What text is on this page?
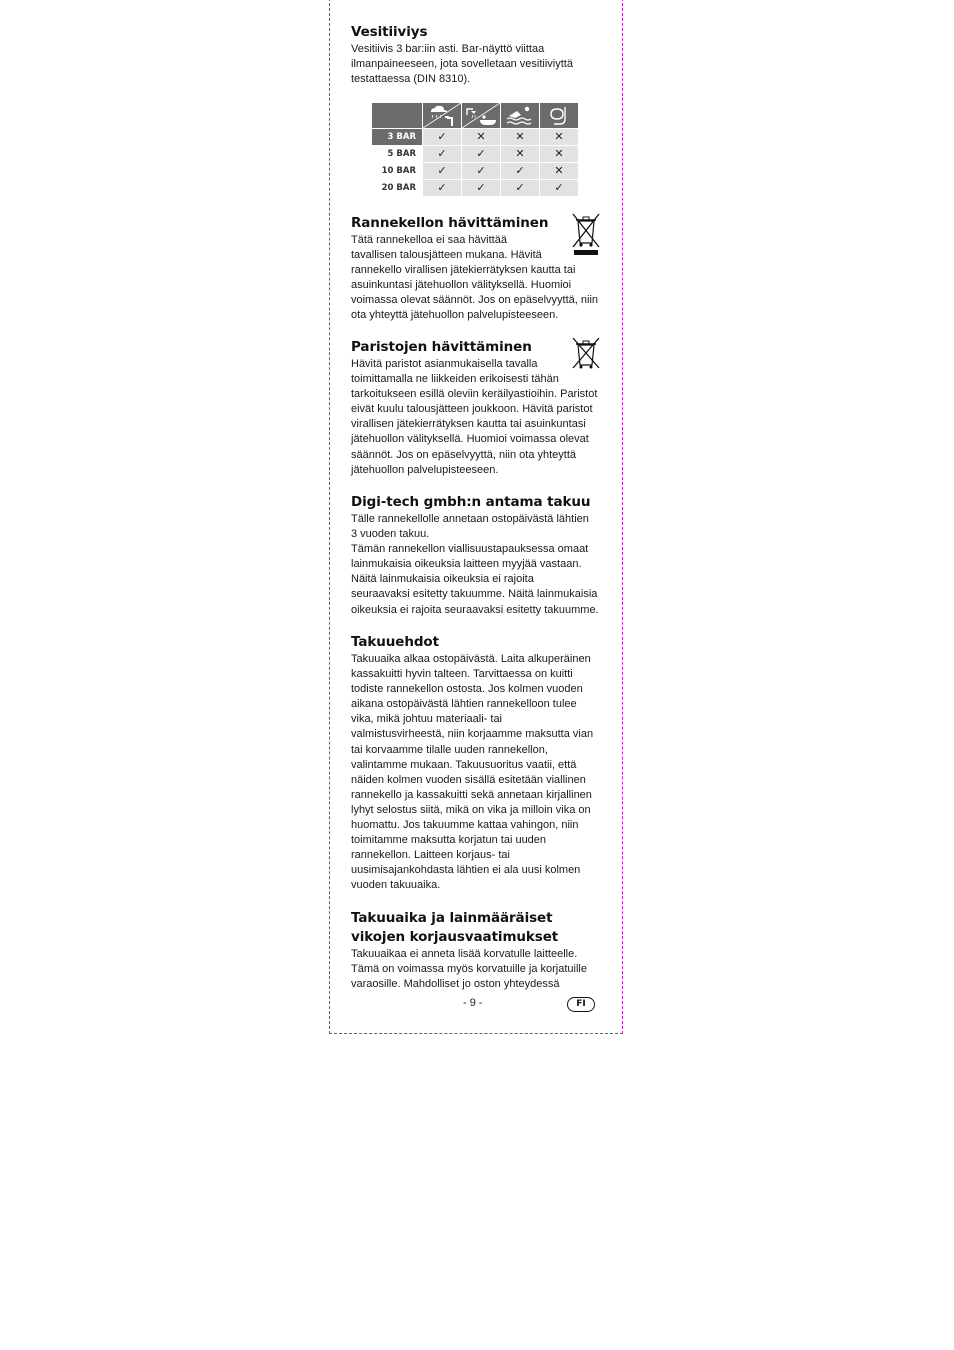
Vesitiiviys

Vesitiivis 3 bar:iin asti. Bar-näyttö viittaa
ilmanpaineeseen, jota sovelletaan vesitiiviyttä
testattaessa (DIN 8310).

3 BAR	✓	✕	✕	✕
5 BAR	✓	✓	✕	✕
10 BAR	✓	✓	✓	✕
20 BAR	✓	✓	✓	✓
Rannekellon hävittäminen

Tätä rannekelloa ei saa hävittää
tavallisen talousjätteen mukana. Hävitä
rannekello virallisen jätekierrätyksen kautta tai
asuinkuntasi jätehuollon välityksellä. Huomioi
voimassa olevat säännöt. Jos on epäselvyyttä, niin
ota yhteyttä jätehuollon palvelupisteeseen.

Paristojen hävittäminen

Hävitä paristot asianmukaisella tavalla
toimittamalla ne liikkeiden erikoisesti tähän
tarkoitukseen esillä oleviin keräilyastioihin. Paristot
eivät kuulu talousjätteen joukkoon. Hävitä paristot
virallisen jätekierrätyksen kautta tai asuinkuntasi
jätehuollon välityksellä. Huomioi voimassa olevat
säännöt. Jos on epäselvyyttä, niin ota yhteyttä
jätehuollon palvelupisteeseen.

Digi-tech gmbh:n antama takuu

Tälle rannekellolle annetaan ostopäivästä lähtien
3 vuoden takuu.
Tämän rannekellon viallisuustapauksessa omaat
lainmukaisia oikeuksia laitteen myyjää vastaan.
Näitä lainmukaisia oikeuksia ei rajoita
seuraavaksi esitetty takuumme. Näitä lainmukaisia
oikeuksia ei rajoita seuraavaksi esitetty takuumme.

Takuuehdot

Takuuaika alkaa ostopäivästä. Laita alkuperäinen
kassakuitti hyvin talteen. Tarvittaessa on kuitti
todiste rannekellon ostosta. Jos kolmen vuoden
aikana ostopäivästä lähtien rannekelloon tulee
vika, mikä johtuu materiaali- tai
valmistusvirheestä, niin korjaamme maksutta vian
tai korvaamme tilalle uuden rannekellon,
valintamme mukaan. Takuusuoritus vaatii, että
näiden kolmen vuoden sisällä esitetään viallinen
rannekello ja kassakuitti sekä annetaan kirjallinen
lyhyt selostus siitä, mikä on vika ja milloin vika on
huomattu. Jos takuumme kattaa vahingon, niin
toimitamme maksutta korjatun tai uuden
rannekellon. Laitteen korjaus- tai
uusimisajankohdasta lähtien ei ala uusi kolmen
vuoden takuuaika.

Takuuaika ja lainmääräiset
vikojen korjausvaatimukset

Takuuaikaa ei anneta lisää korvatulle laitteelle.
Tämä on voimassa myös korvatuille ja korjatuille
varaosille. Mahdolliset jo oston yhteydessä

- 9 -	FI
